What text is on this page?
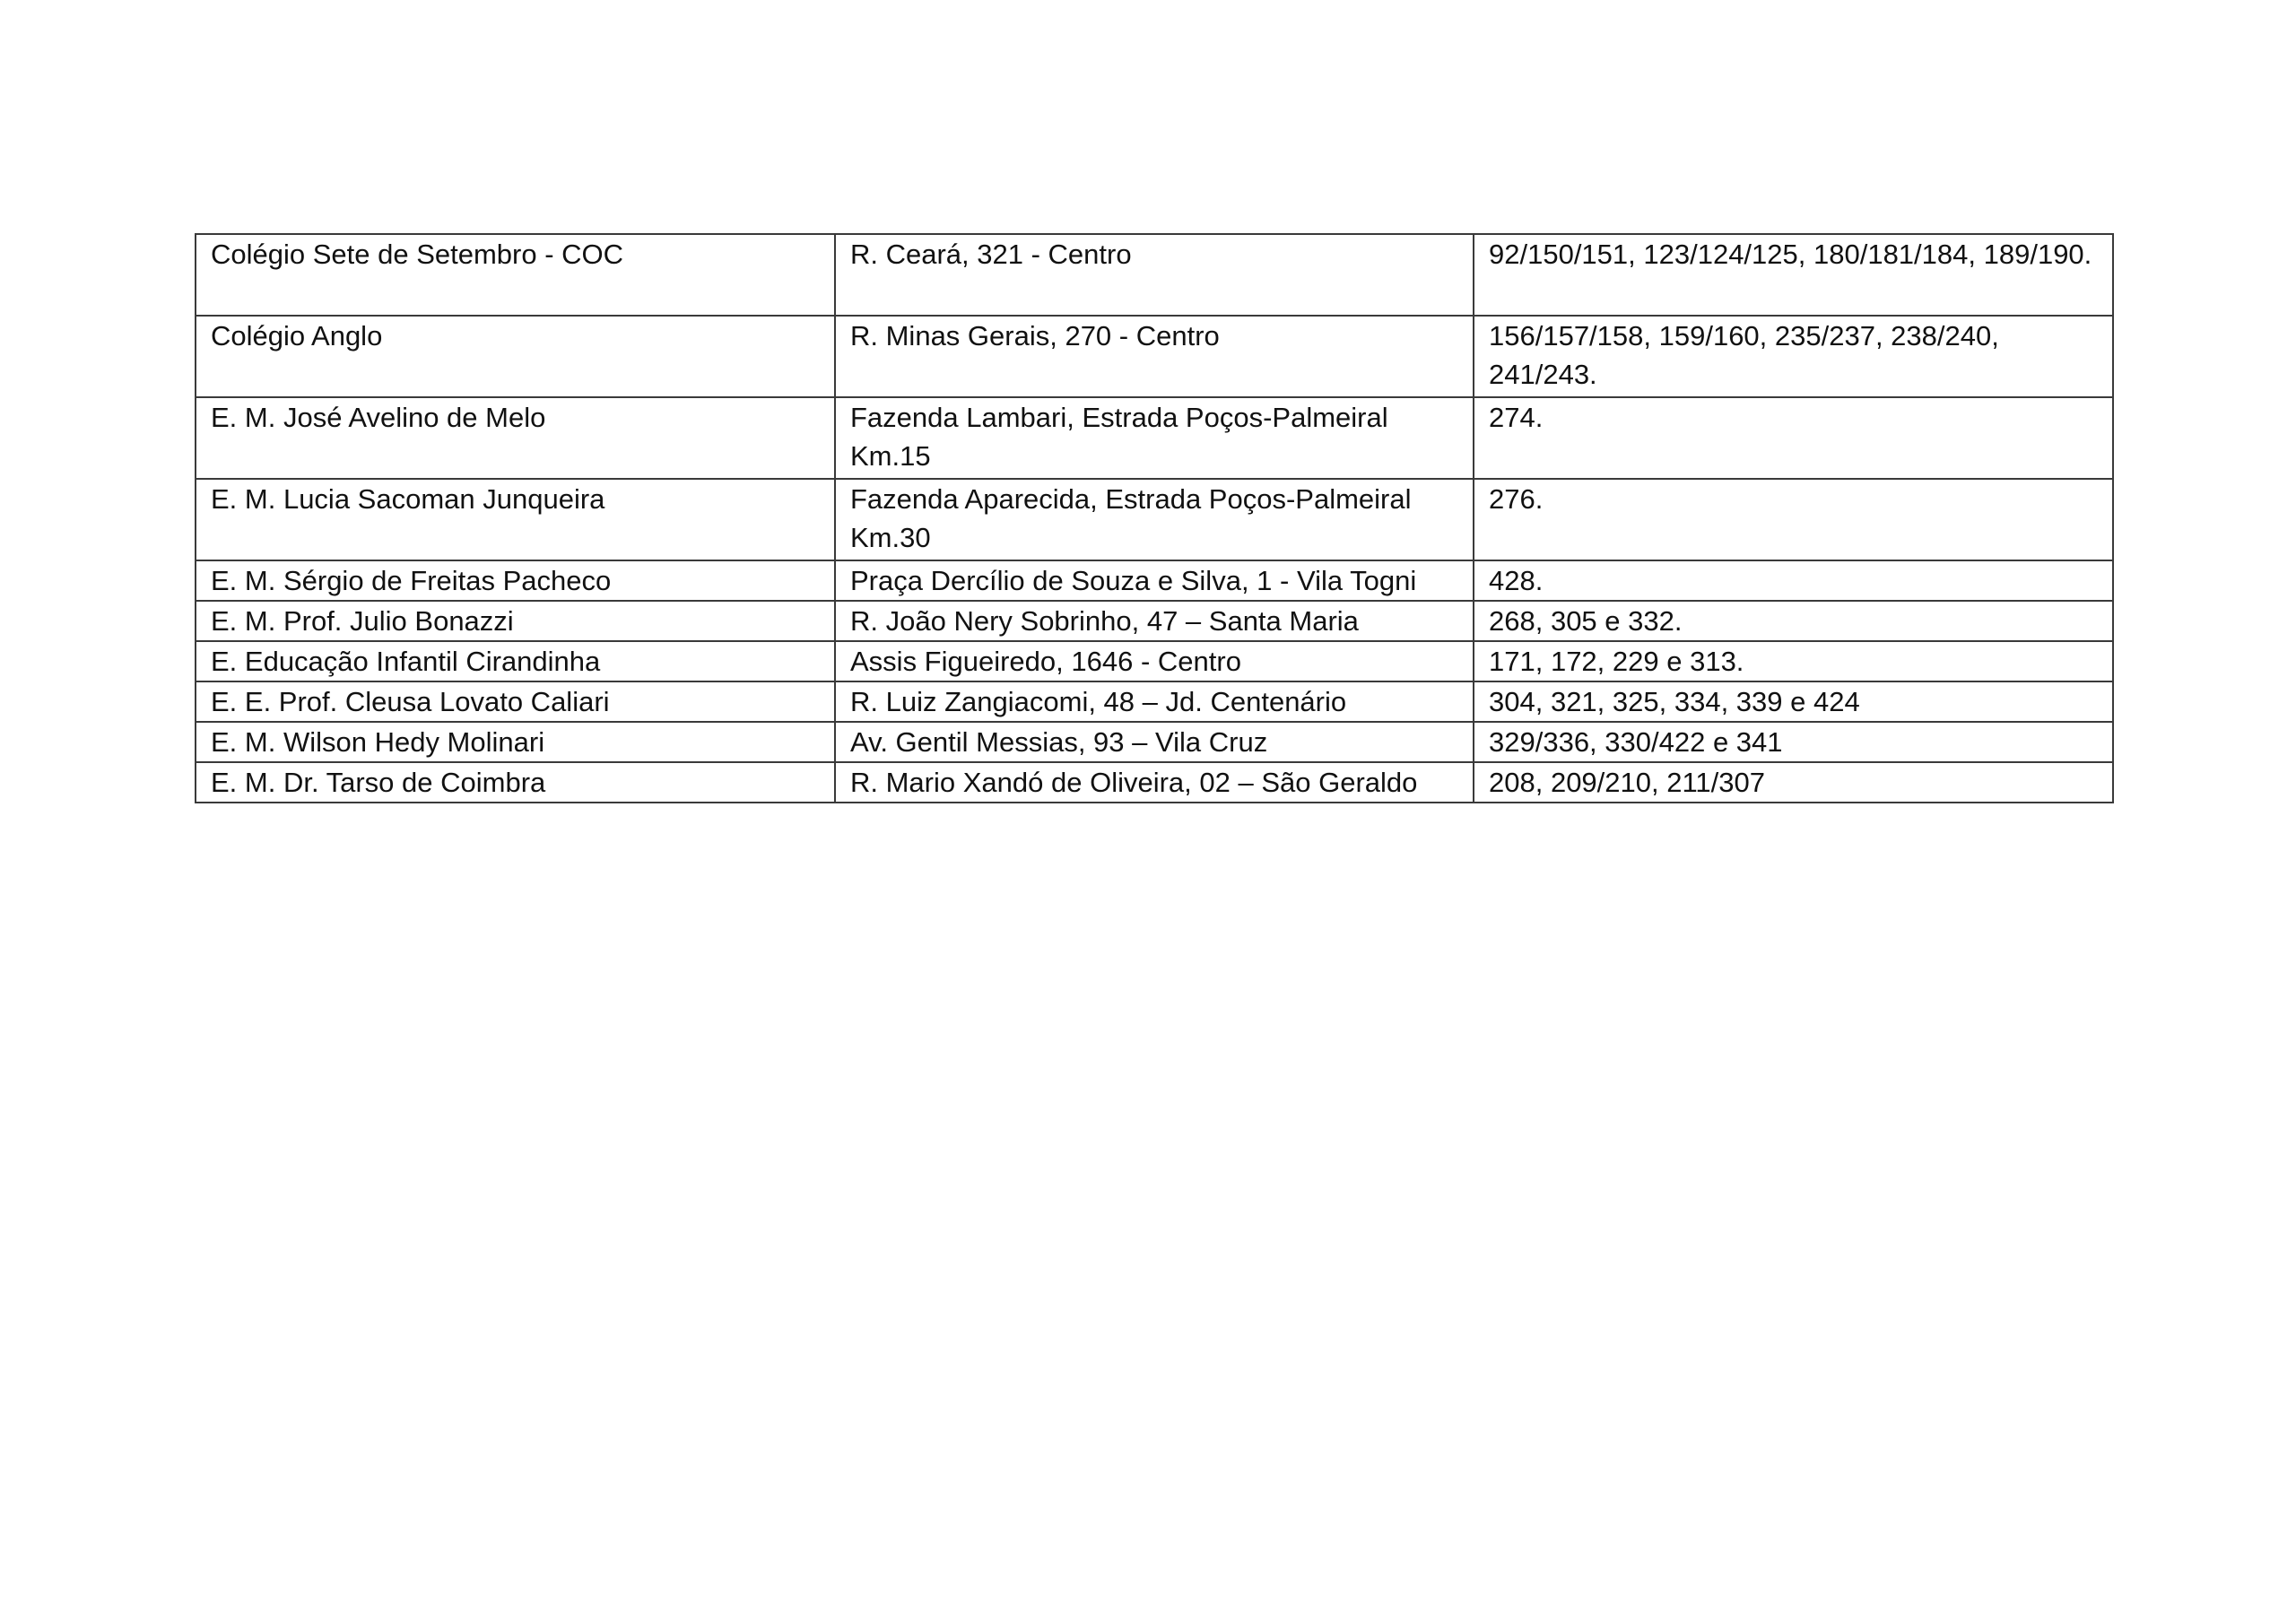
Colégio Sete de Setembro - COC	R. Ceará, 321 - Centro	92/150/151, 123/124/125, 180/181/184, 189/190.
Colégio Anglo	R. Minas Gerais, 270 - Centro	156/157/158, 159/160, 235/237, 238/240, 241/243.
E. M. José Avelino de Melo	Fazenda Lambari, Estrada Poços-Palmeiral Km.15	274.
E. M. Lucia Sacoman Junqueira	Fazenda Aparecida, Estrada Poços-Palmeiral Km.30	276.
E. M. Sérgio de Freitas Pacheco	Praça Dercílio de Souza e Silva, 1 - Vila Togni	428.
E. M. Prof. Julio Bonazzi	R. João Nery Sobrinho, 47 – Santa Maria	268, 305 e 332.
E. Educação Infantil Cirandinha	Assis Figueiredo, 1646 - Centro	171, 172, 229 e 313.
E. E. Prof. Cleusa Lovato Caliari	R. Luiz Zangiacomi, 48 – Jd. Centenário	304, 321, 325, 334, 339 e 424
E. M. Wilson Hedy Molinari	Av. Gentil Messias, 93 – Vila Cruz	329/336, 330/422 e 341
E. M. Dr. Tarso de Coimbra	R. Mario Xandó de Oliveira, 02 – São Geraldo	208, 209/210, 211/307
